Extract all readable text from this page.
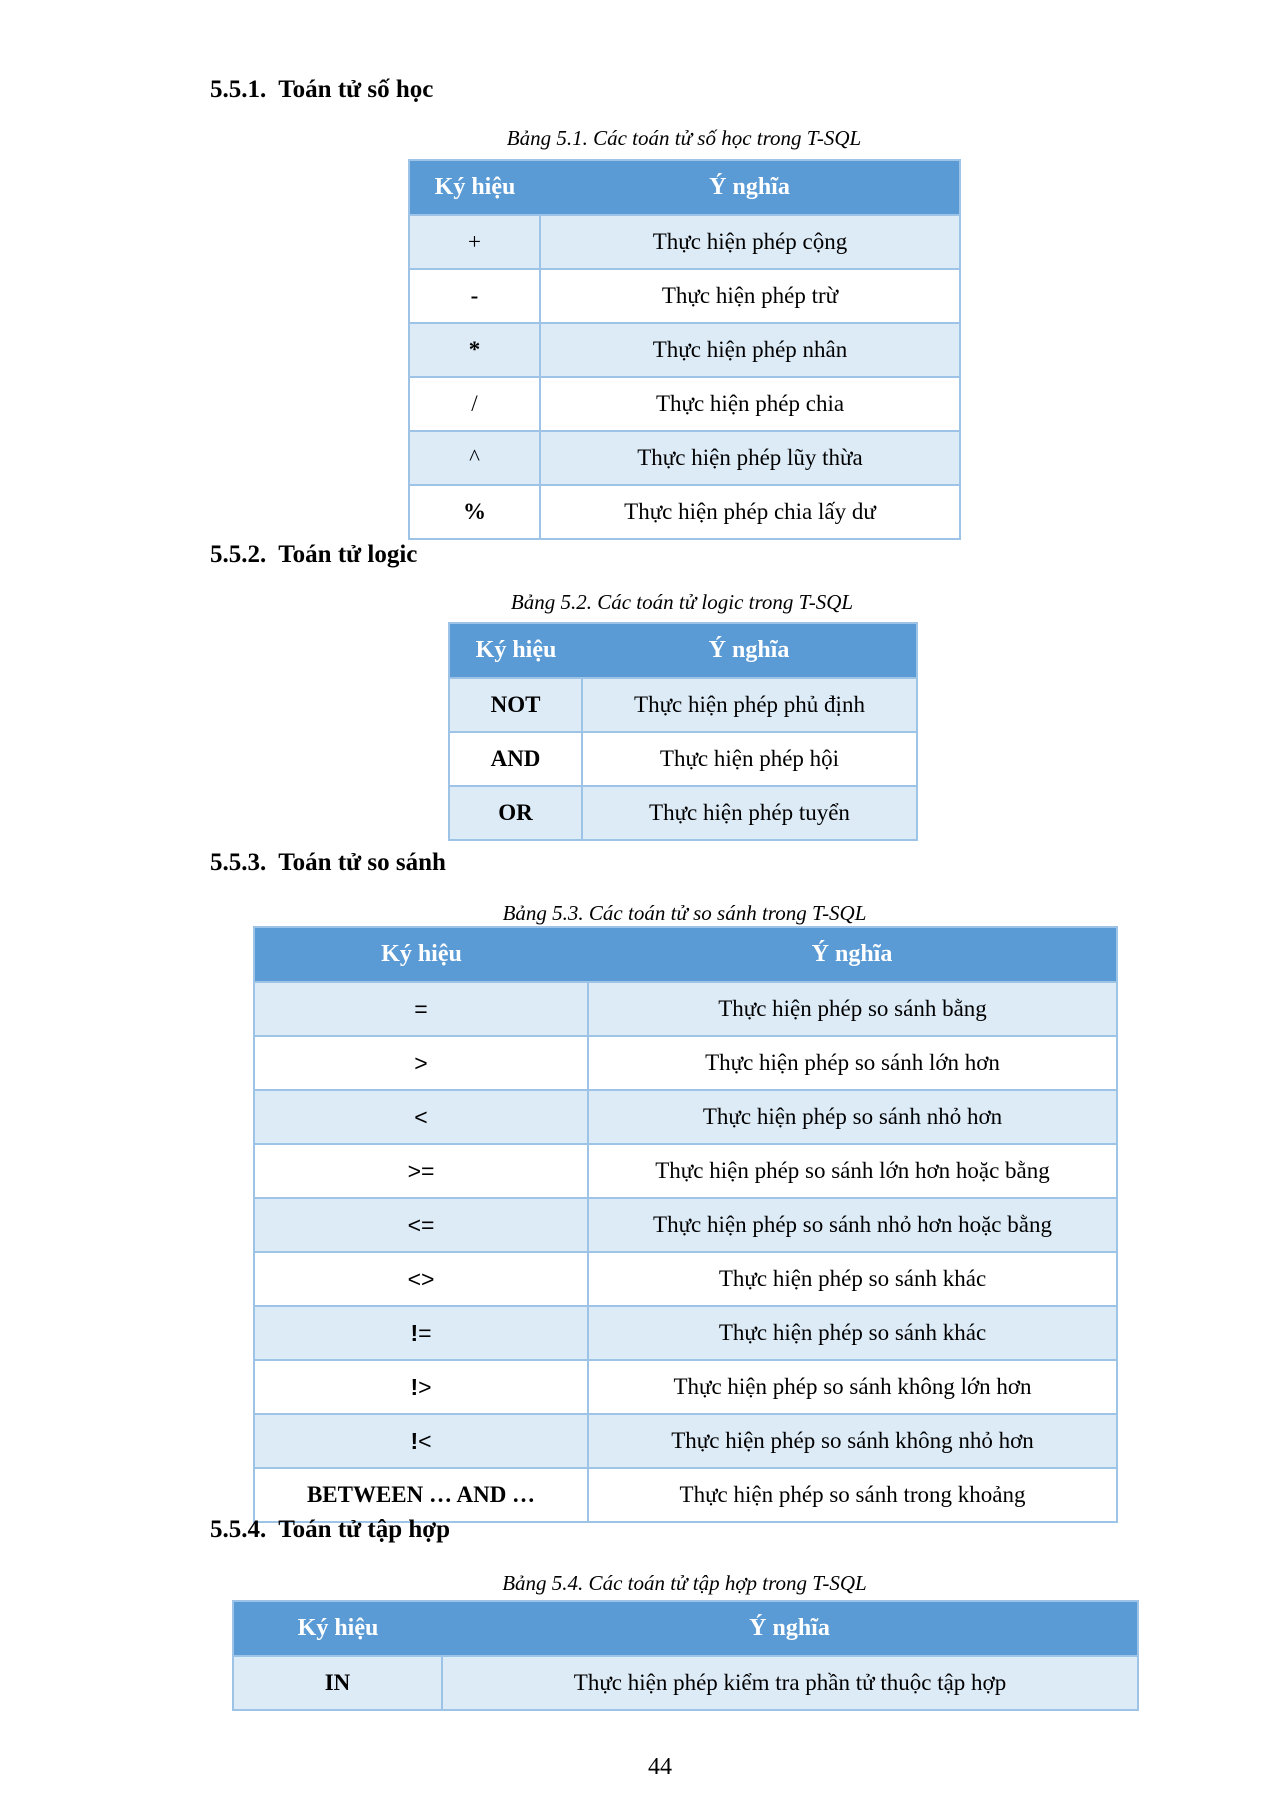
5.5.1.  Toán tử số học
Bảng 5.1. Các toán tử số học trong T-SQL
Ký hiệu	Ý nghĩa
+	Thực hiện phép cộng
-	Thực hiện phép trừ
*	Thực hiện phép nhân
/	Thực hiện phép chia
^	Thực hiện phép lũy thừa
%	Thực hiện phép chia lấy dư
5.5.2.  Toán tử logic
Bảng 5.2. Các toán tử logic trong T-SQL
Ký hiệu	Ý nghĩa
NOT	Thực hiện phép phủ định
AND	Thực hiện phép hội
OR	Thực hiện phép tuyển
5.5.3.  Toán tử so sánh
Bảng 5.3. Các toán tử so sánh trong T-SQL
Ký hiệu	Ý nghĩa
=	Thực hiện phép so sánh bằng
>	Thực hiện phép so sánh lớn hơn
<	Thực hiện phép so sánh nhỏ hơn
>=	Thực hiện phép so sánh lớn hơn hoặc bằng
<=	Thực hiện phép so sánh nhỏ hơn hoặc bằng
<>	Thực hiện phép so sánh khác
!=	Thực hiện phép so sánh khác
!>	Thực hiện phép so sánh không lớn hơn
!<	Thực hiện phép so sánh không nhỏ hơn
BETWEEN … AND …	Thực hiện phép so sánh trong khoảng
5.5.4.  Toán tử tập hợp
Bảng 5.4. Các toán tử tập hợp trong T-SQL
Ký hiệu	Ý nghĩa
IN	Thực hiện phép kiểm tra phần tử thuộc tập hợp
44
